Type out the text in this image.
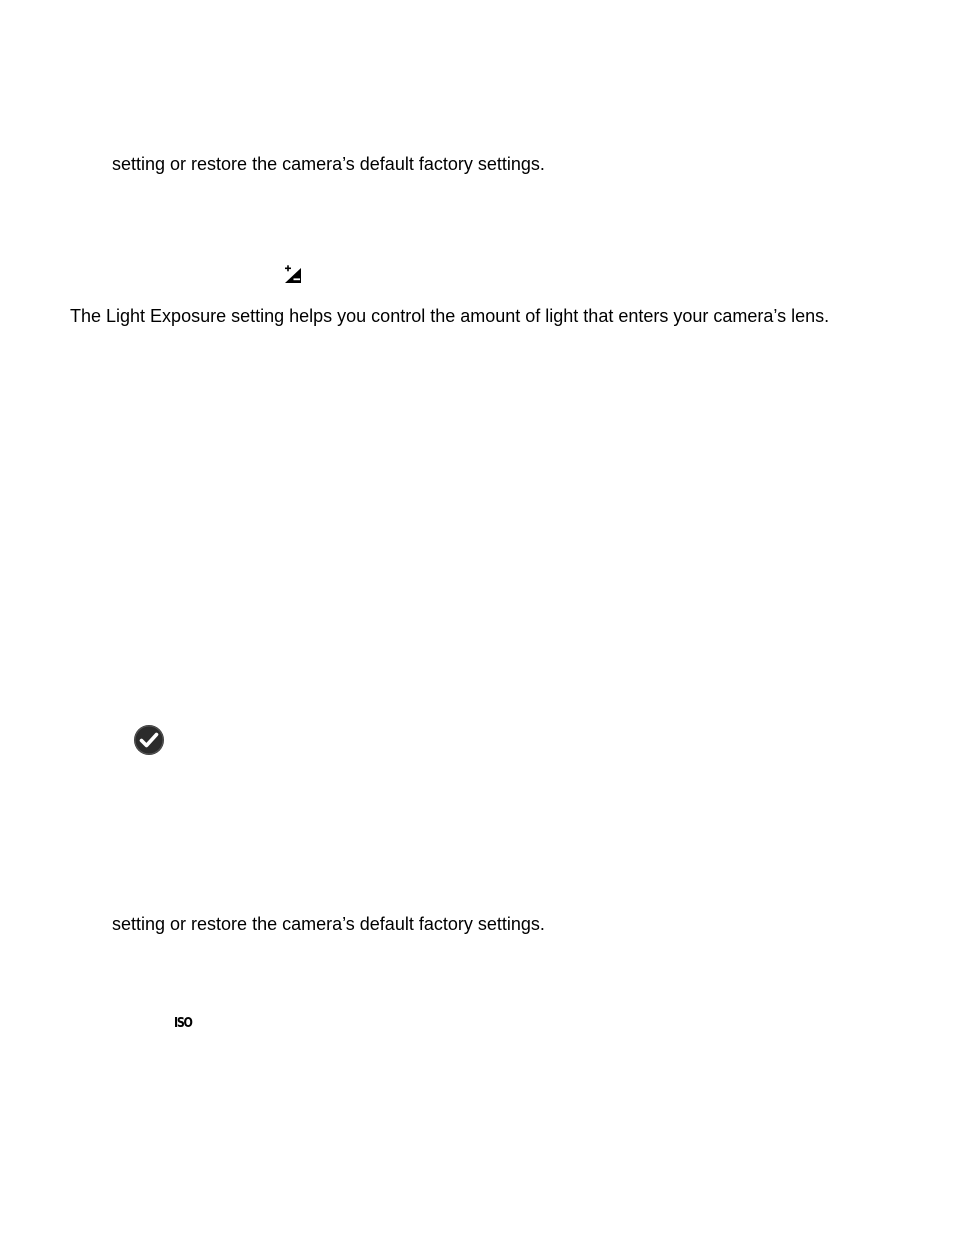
setting or restore the camera’s default factory settings.
The Light Exposure setting helps you control the amount of light that enters your camera’s lens.
setting or restore the camera’s default factory settings.
ISO
